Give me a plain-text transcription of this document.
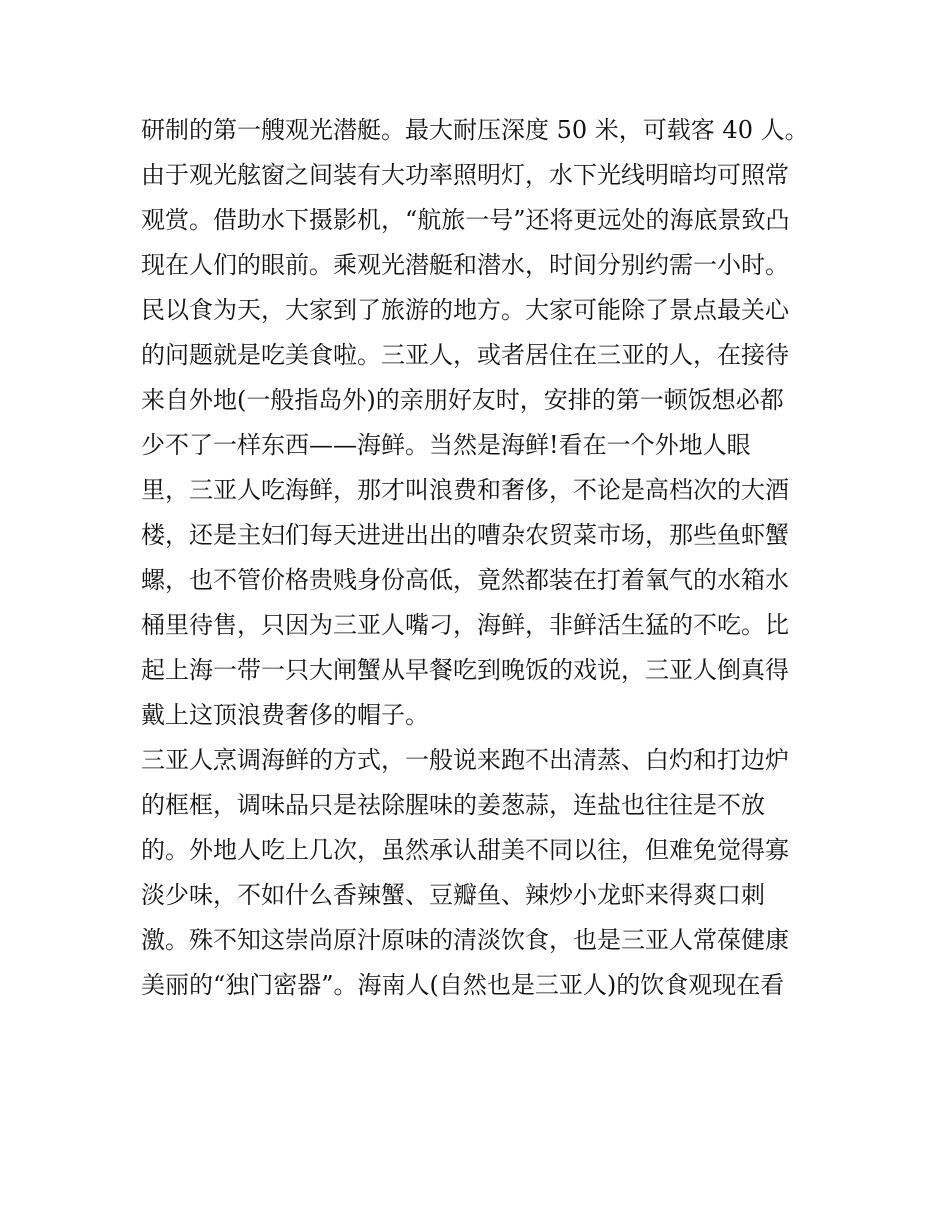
研制的第一艘观光潜艇。最大耐压深度 50 米，可载客 40 人。
由于观光舷窗之间装有大功率照明灯，水下光线明暗均可照常
观赏。借助水下摄影机，“航旅一号”还将更远处的海底景致凸
现在人们的眼前。乘观光潜艇和潜水，时间分别约需一小时。
民以食为天，大家到了旅游的地方。大家可能除了景点最关心
的问题就是吃美食啦。三亚人，或者居住在三亚的人，在接待
来自外地(一般指岛外)的亲朋好友时，安排的第一顿饭想必都
少不了一样东西——海鲜。当然是海鲜!看在一个外地人眼
里，三亚人吃海鲜，那才叫浪费和奢侈，不论是高档次的大酒
楼，还是主妇们每天进进出出的嘈杂农贸菜市场，那些鱼虾蟹
螺，也不管价格贵贱身份高低，竟然都装在打着氧气的水箱水
桶里待售，只因为三亚人嘴刁，海鲜，非鲜活生猛的不吃。比
起上海一带一只大闸蟹从早餐吃到晚饭的戏说，三亚人倒真得
戴上这顶浪费奢侈的帽子。
三亚人烹调海鲜的方式，一般说来跑不出清蒸、白灼和打边炉
的框框，调味品只是祛除腥味的姜葱蒜，连盐也往往是不放
的。外地人吃上几次，虽然承认甜美不同以往，但难免觉得寡
淡少味，不如什么香辣蟹、豆瓣鱼、辣炒小龙虾来得爽口刺
激。殊不知这崇尚原汁原味的清淡饮食，也是三亚人常葆健康
美丽的“独门密器”。海南人(自然也是三亚人)的饮食观现在看
